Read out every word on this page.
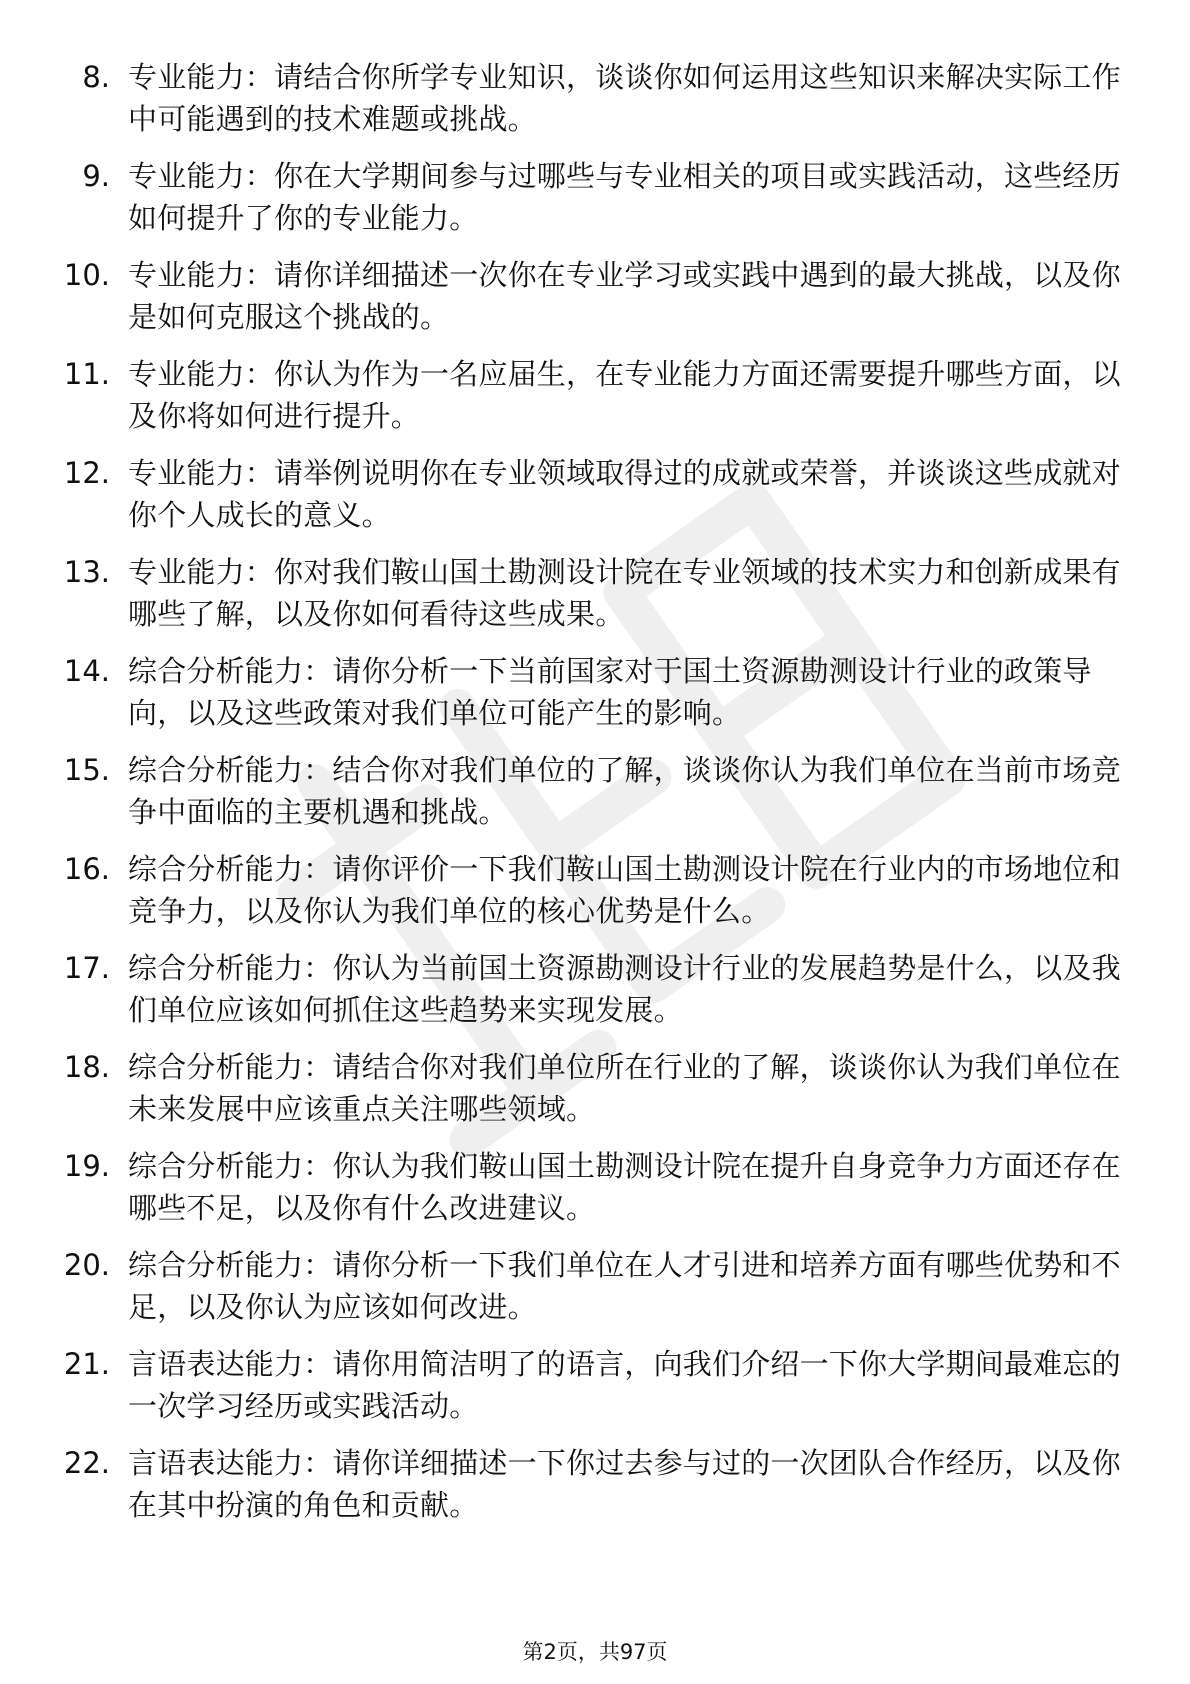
8. 专业能力：请结合你所学专业知识，谈谈你如何运用这些知识来解决实际工作中可能遇到的技术难题或挑战。
9. 专业能力：你在大学期间参与过哪些与专业相关的项目或实践活动，这些经历如何提升了你的专业能力。
10. 专业能力：请你详细描述一次你在专业学习或实践中遇到的最大挑战，以及你是如何克服这个挑战的。
11. 专业能力：你认为作为一名应届生，在专业能力方面还需要提升哪些方面，以及你将如何进行提升。
12. 专业能力：请举例说明你在专业领域取得过的成就或荣誉，并谈谈这些成就对你个人成长的意义。
13. 专业能力：你对我们鞍山国土勘测设计院在专业领域的技术实力和创新成果有哪些了解，以及你如何看待这些成果。
14. 综合分析能力：请你分析一下当前国家对于国土资源勘测设计行业的政策导向，以及这些政策对我们单位可能产生的影响。
15. 综合分析能力：结合你对我们单位的了解，谈谈你认为我们单位在当前市场竞争中面临的主要机遇和挑战。
16. 综合分析能力：请你评价一下我们鞍山国土勘测设计院在行业内的市场地位和竞争力，以及你认为我们单位的核心优势是什么。
17. 综合分析能力：你认为当前国土资源勘测设计行业的发展趋势是什么，以及我们单位应该如何抓住这些趋势来实现发展。
18. 综合分析能力：请结合你对我们单位所在行业的了解，谈谈你认为我们单位在未来发展中应该重点关注哪些领域。
19. 综合分析能力：你认为我们鞍山国土勘测设计院在提升自身竞争力方面还存在哪些不足，以及你有什么改进建议。
20. 综合分析能力：请你分析一下我们单位在人才引进和培养方面有哪些优势和不足，以及你认为应该如何改进。
21. 言语表达能力：请你用简洁明了的语言，向我们介绍一下你大学期间最难忘的一次学习经历或实践活动。
22. 言语表达能力：请你详细描述一下你过去参与过的一次团队合作经历，以及你在其中扮演的角色和贡献。
第2页，共97页
